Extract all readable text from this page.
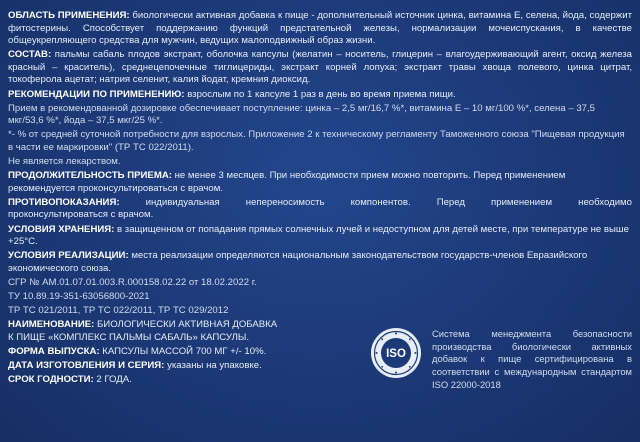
ОБЛАСТЬ ПРИМЕНЕНИЯ: биологически активная добавка к пище - дополнительный источник цинка, витамина Е, селена, йода, содержит фитостерины. Способствует поддержанию функций предстательной железы, нормализации мочеиспускания, в качестве общеукрепляющего средства для мужчин, ведущих малоподвижный образ жизни.

СОСТАВ: пальмы сабаль плодов экстракт, оболочка капсулы (желатин – носитель, глицерин – влагоудерживающий агент, оксид железа красный – краситель), среднецепочечные тиглицериды, экстракт корней лопуха; экстракт травы хвоща полевого, цинка цитрат, токоферола ацетат; натрия селенит, калия йодат, кремния диоксид.

РЕКОМЕНДАЦИИ ПО ПРИМЕНЕНИЮ: взрослым по 1 капсуле 1 раз в день во время приема пищи.

Прием в рекомендованной дозировке обеспечивает поступление: цинка – 2,5 мг/16,7 %*, витамина Е – 10 мг/100 %*, селена – 37,5 мкг/53,6 %*, йода – 37,5 мкг/25 %*.

*- % от средней суточной потребности для взрослых. Приложение 2 к техническому регламенту Таможенного союза "Пищевая продукция в части ее маркировки" (ТР ТС 022/2011).

Не является лекарством.

ПРОДОЛЖИТЕЛЬНОСТЬ ПРИЕМА: не менее 3 месяцев. При необходимости прием можно повторить. Перед применением рекомендуется проконсультироваться с врачом.

ПРОТИВОПОКАЗАНИЯ:	индивидуальная	непереносимость	компонентов.	Перед	применением	необходимо
проконсультироваться с врачом.

УСЛОВИЯ ХРАНЕНИЯ: в защищенном от попадания прямых солнечных лучей и недоступном для детей месте, при температуре не выше +25°С.

УСЛОВИЯ РЕАЛИЗАЦИИ: места реализации определяются национальным законодательством государств-членов Евразийского экономического союза.

СГР № АМ.01.07.01.003.R.000158.02.22 от 18.02.2022 г.

ТУ 10.89.19-351-63056800-2021

ТР ТС 021/2011, ТР ТС 022/2011, ТР ТС 029/2012

НАИМЕНОВАНИЕ: БИОЛОГИЧЕСКИ АКТИВНАЯ ДОБАВКА
К ПИЩЕ «КОМПЛЕКС ПАЛЬМЫ САБАЛЬ» КАПСУЛЫ.

ФОРМА ВЫПУСКА: КАПСУЛЫ МАССОЙ 700 МГ +/- 10%.

ДАТА ИЗГОТОВЛЕНИЯ И СЕРИЯ: указаны на упаковке.

СРОК ГОДНОСТИ: 2 ГОДА.

ISO
Система менеджмента безопасности производства биологически активных добавок к пище сертифицирована в соответствии с международным стандартом ISO 22000-2018
